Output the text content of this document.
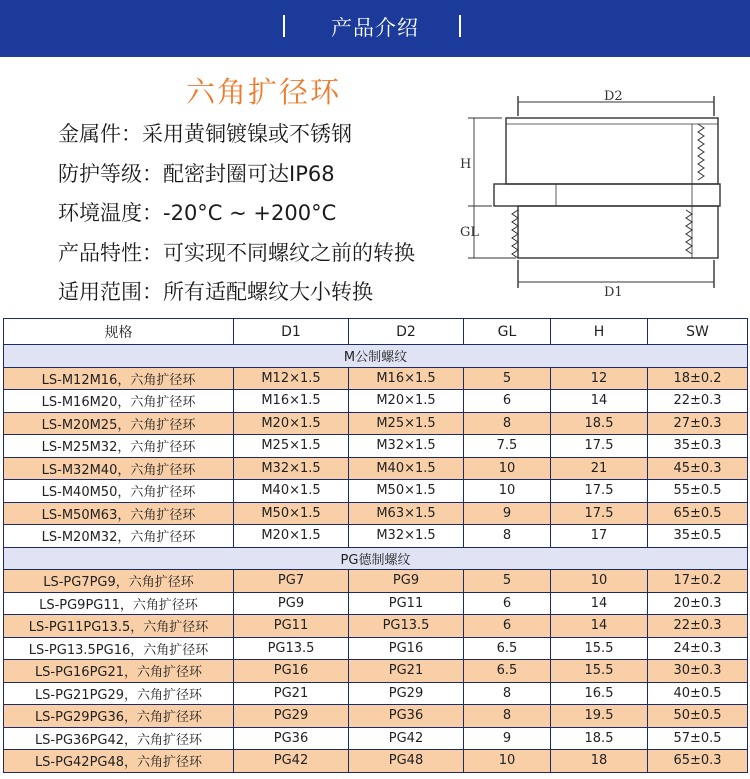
产品介绍
六角扩径环
金属件：采用黄铜镀镍或不锈钢
防护等级：配密封圈可达IP68
环境温度：-20°C ~ +200°C
产品特性：可实现不同螺纹之前的转换
适用范围：所有适配螺纹大小转换
D2
H
GL
D1
规格	D1	D2	GL	H	SW
M公制螺纹					
LS-M12M16，六角扩径环	M12×1.5	M16×1.5	5	12	18±0.2
LS-M16M20，六角扩径环	M16×1.5	M20×1.5	6	14	22±0.3
LS-M20M25，六角扩径环	M20×1.5	M25×1.5	8	18.5	27±0.3
LS-M25M32，六角扩径环	M25×1.5	M32×1.5	7.5	17.5	35±0.3
LS-M32M40，六角扩径环	M32×1.5	M40×1.5	10	21	45±0.3
LS-M40M50，六角扩径环	M40×1.5	M50×1.5	10	17.5	55±0.5
LS-M50M63，六角扩径环	M50×1.5	M63×1.5	9	17.5	65±0.5
LS-M20M32，六角扩径环	M20×1.5	M32×1.5	8	17	35±0.5
PG德制螺纹					
LS-PG7PG9，六角扩径环	PG7	PG9	5	10	17±0.2
LS-PG9PG11，六角扩径环	PG9	PG11	6	14	20±0.3
LS-PG11PG13.5，六角扩径环	PG11	PG13.5	6	14	22±0.3
LS-PG13.5PG16，六角扩径环	PG13.5	PG16	6.5	15.5	24±0.3
LS-PG16PG21，六角扩径环	PG16	PG21	6.5	15.5	30±0.3
LS-PG21PG29，六角扩径环	PG21	PG29	8	16.5	40±0.5
LS-PG29PG36，六角扩径环	PG29	PG36	8	19.5	50±0.5
LS-PG36PG42，六角扩径环	PG36	PG42	9	18.5	57±0.5
LS-PG42PG48，六角扩径环	PG42	PG48	10	18	65±0.3
